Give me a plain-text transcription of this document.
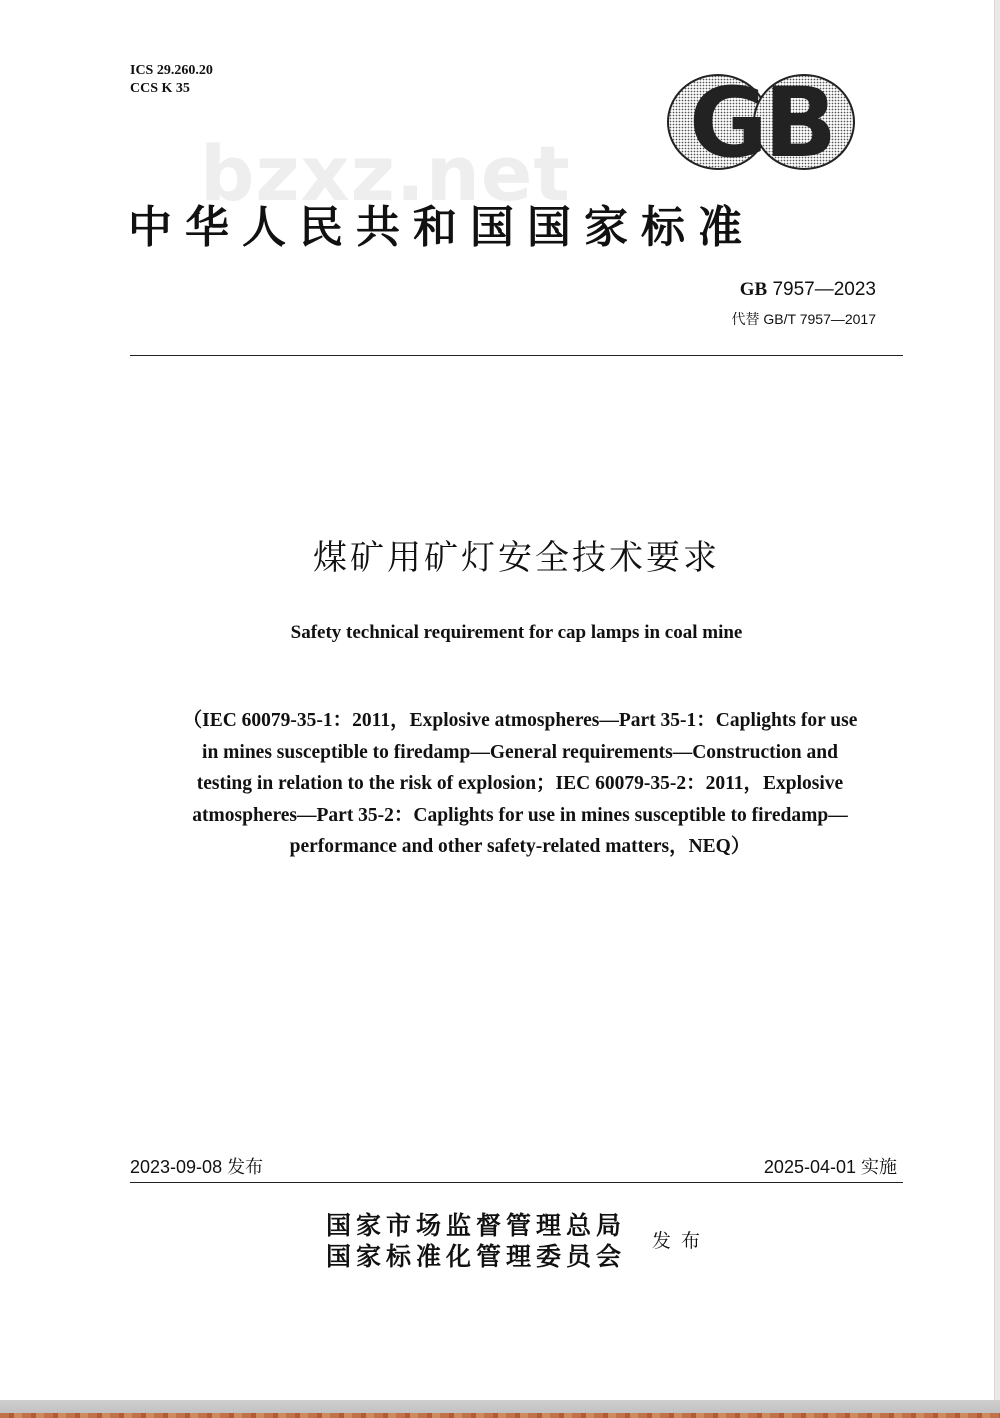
ICS 29.260.20
CCS K 35
bzxz.net GB
中华人民共和国国家标准
GB 7957—2023
代替 GB/T 7957—2017
煤矿用矿灯安全技术要求
Safety technical requirement for cap lamps in coal mine
（IEC 60079-35-1：2011，Explosive atmospheres—Part 35-1：Caplights for use
in mines susceptible to firedamp—General requirements—Construction and
testing in relation to the risk of explosion；IEC 60079-35-2：2011，Explosive
atmospheres—Part 35-2：Caplights for use in mines susceptible to firedamp—
performance and other safety-related matters，NEQ）
2023-09-08 发布	2025-04-01 实施
国家市场监督管理总局
国家标准化管理委员会
发布
